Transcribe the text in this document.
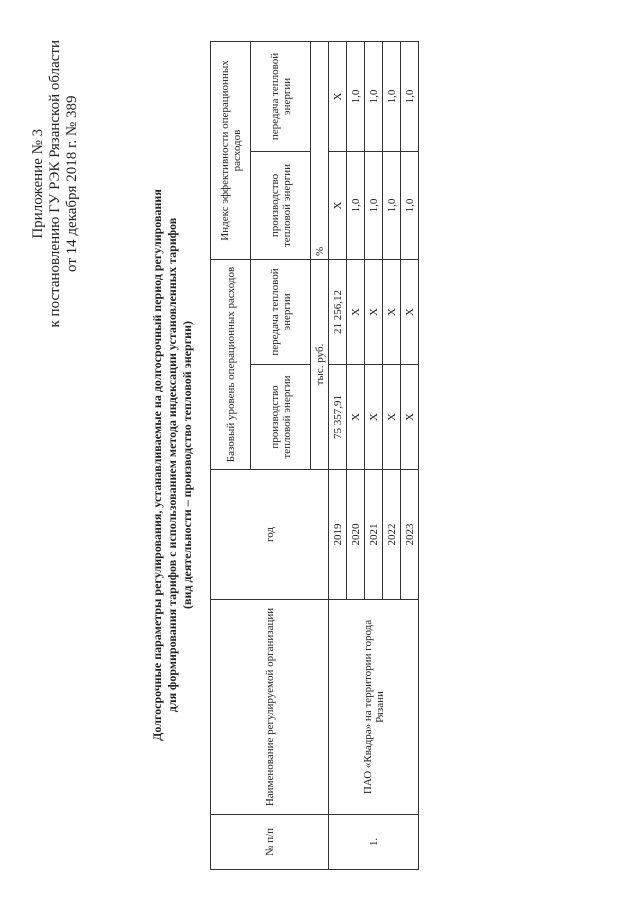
Приложение № 3 к постановлению ГУ РЭК Рязанской области от 14 декабря 2018 г. № 389
Долгосрочные параметры регулирования, устанавливаемые на долгосрочный период регулирования для формирования тарифов с использованием метода индексации установленных тарифов (вид деятельности – производство тепловой энергии)
№ п/п	Наименование регулируемой организации	год	Базовый уровень операционных расходов		Индекс эффективности операционных расходов	
			производство тепловой энергии	передача тепловой энергии	производство тепловой энергии	передача тепловой энергии
			тыс. руб.		%	
1.	ПАО «Квадра» на территории города Рязани	2019	75 357,91	21 256,12	X	X
		2020	X	X	1,0	1,0
		2021	X	X	1,0	1,0
		2022	X	X	1,0	1,0
		2023	X	X	1,0	1,0
